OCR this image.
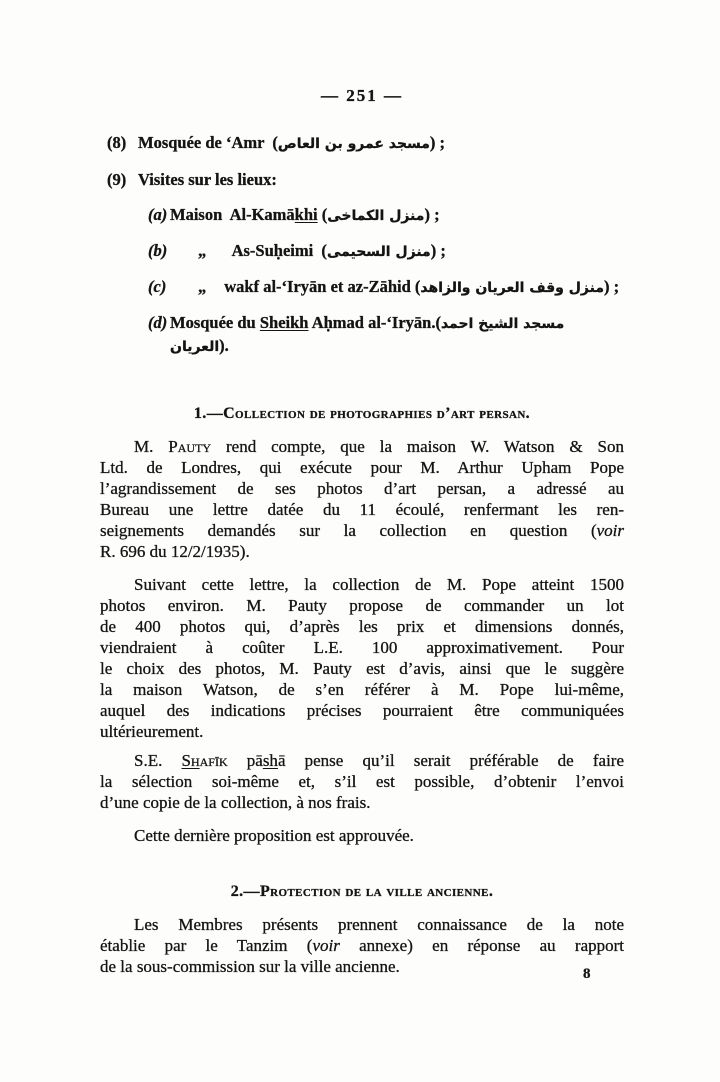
— 251 —
(8) Mosquée de ‘Amr  (مسجد عمرو بن العاص) ;
(9) Visites sur les lieux:
(a) Maison  Al-Kamākhi (منزل الكماخى) ;
(b)	„  As-Suḥeimi  (منزل السحيمى) ;
(c)	„ wakf al-‘Iryān et az-Zāhid (منزل وقف العريان والزاهد) ;
(d) Mosquée du Sheikh Aḥmad al-‘Iryān.(مسجد الشيخ احمد العريان).
1.—Collection de photographies d’art persan.
M. Pauty rend compte, que la maison W. Watson & Son
Ltd. de Londres, qui exécute pour M. Arthur Upham Pope
l’agrandissement de ses photos d’art persan, a adressé au
Bureau une lettre datée du 11 écoulé, renfermant les ren-
seignements demandés sur la collection en question (voir
R. 696 du 12/2/1935).
Suivant cette lettre, la collection de M. Pope atteint 1500
photos environ. M. Pauty propose de commander un lot
de 400 photos qui, d’après les prix et dimensions donnés,
viendraient à coûter L.E. 100 approximativement. Pour
le choix des photos, M. Pauty est d’avis, ainsi que le suggère
la maison Watson, de s’en référer à M. Pope lui-même,
auquel des indications précises pourraient être communiquées
ultérieurement.
S.E. Shafīk pāshā pense qu’il serait préférable de faire
la sélection soi-même et, s’il est possible, d’obtenir l’envoi
d’une copie de la collection, à nos frais.
Cette dernière proposition est approuvée.
2.—Protection de la ville ancienne.
Les Membres présents prennent connaissance de la note
établie par le Tanzim (voir annexe) en réponse au rapport
de la sous-commission sur la ville ancienne.	8
